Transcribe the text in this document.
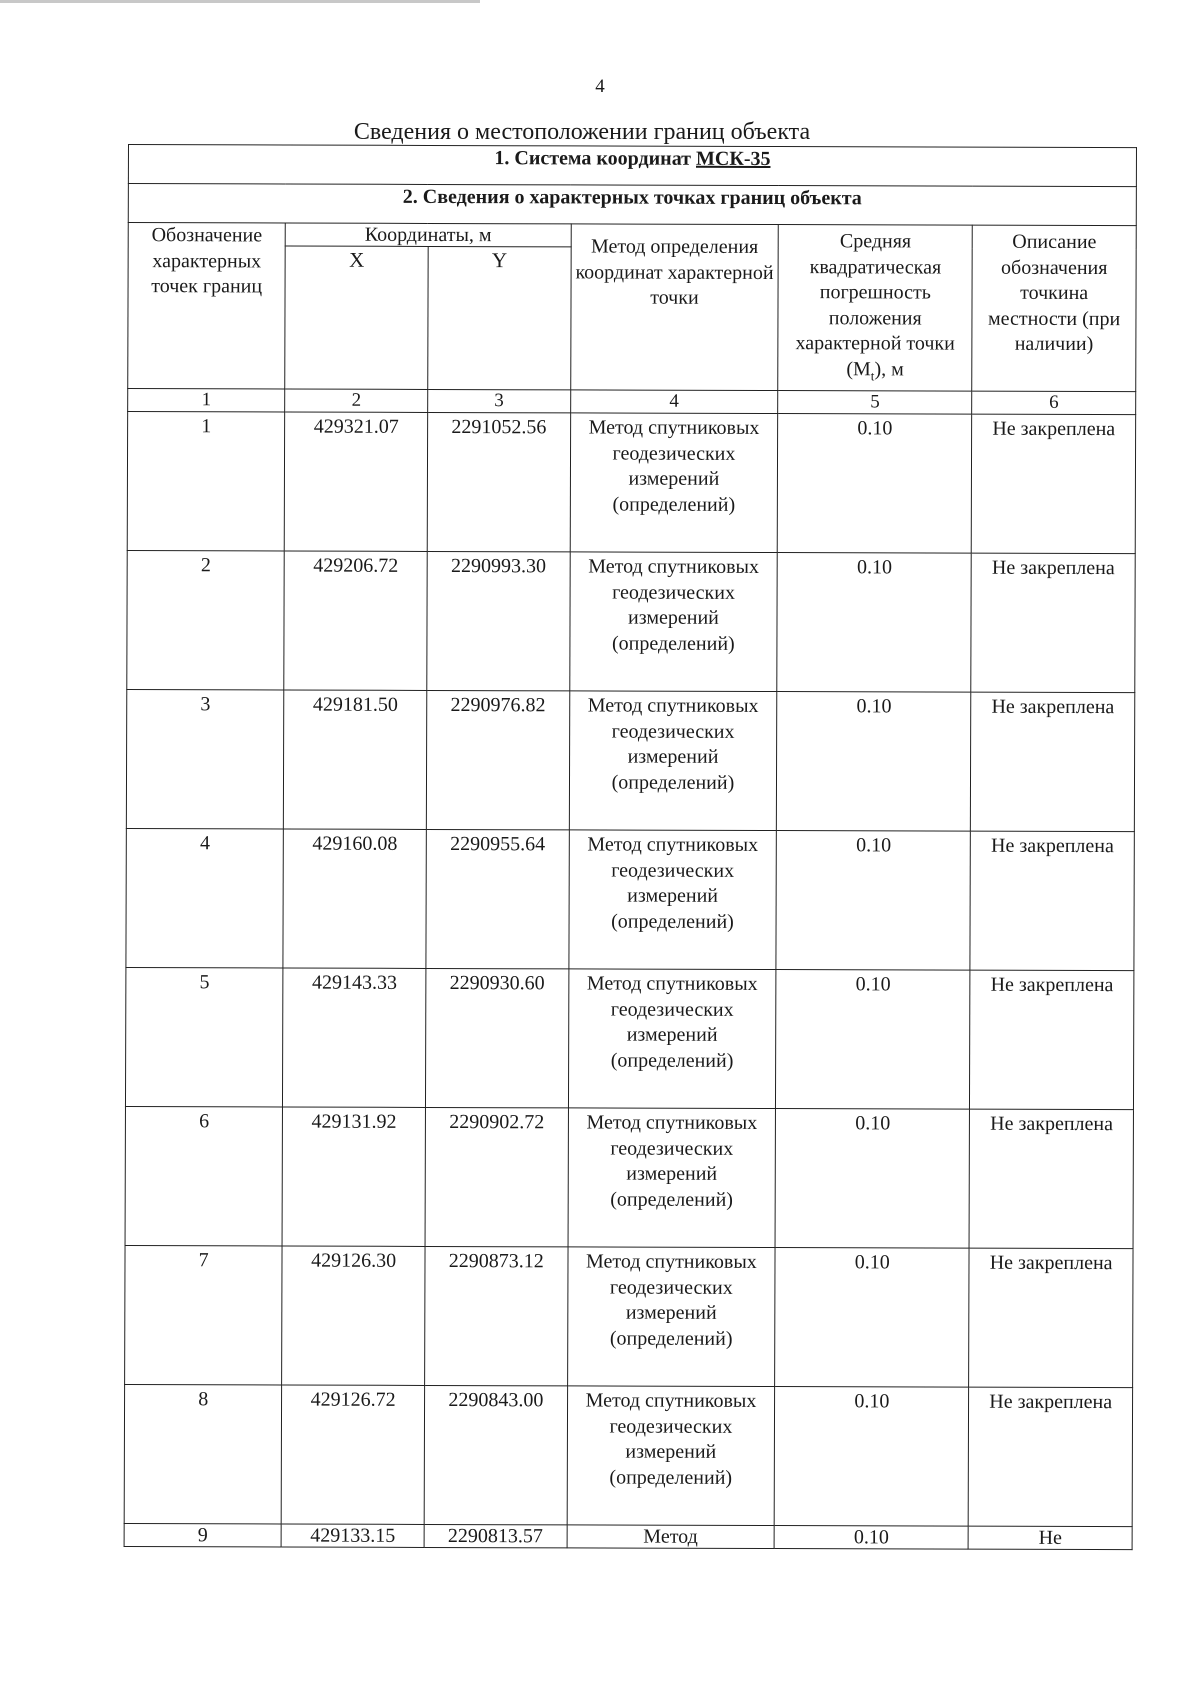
4
Сведения о местоположении границ объекта
1. Система координат МСК-35					
2. Сведения о характерных точках границ объекта					
Обозначение характерных точек границ	Координаты, м		Метод определения координат характерной точки	Средняя квадратическая погрешность положения характерной точки $(M_t)$, м	Описание обозначения точкина местности (при наличии)
	X	Y			
1	2	3	4	5	6
1	429321.07	2291052.56	Метод спутниковых геодезических измерений (определений)	0.10	Не закреплена
2	429206.72	2290993.30	Метод спутниковых геодезических измерений (определений)	0.10	Не закреплена
3	429181.50	2290976.82	Метод спутниковых геодезических измерений (определений)	0.10	Не закреплена
4	429160.08	2290955.64	Метод спутниковых геодезических измерений (определений)	0.10	Не закреплена
5	429143.33	2290930.60	Метод спутниковых геодезических измерений (определений)	0.10	Не закреплена
6	429131.92	2290902.72	Метод спутниковых геодезических измерений (определений)	0.10	Не закреплена
7	429126.30	2290873.12	Метод спутниковых геодезических измерений (определений)	0.10	Не закреплена
8	429126.72	2290843.00	Метод спутниковых геодезических измерений (определений)	0.10	Не закреплена
9	429133.15	2290813.57	Метод	0.10	Не
